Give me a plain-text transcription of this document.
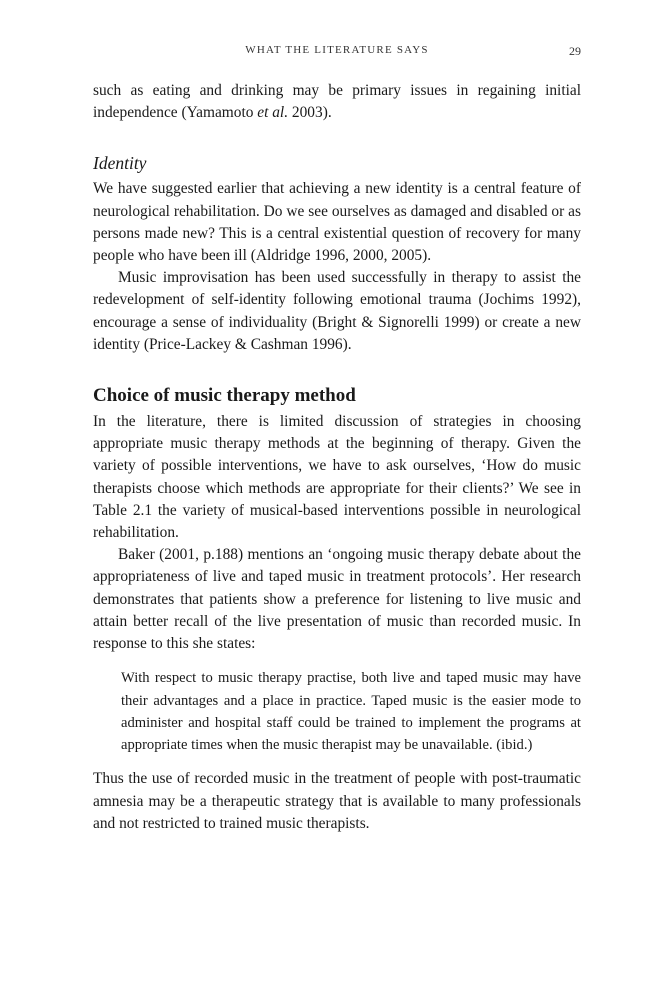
WHAT THE LITERATURE SAYS	29

such as eating and drinking may be primary issues in regaining initial independence (Yamamoto et al. 2003).

Identity

We have suggested earlier that achieving a new identity is a central feature of neurological rehabilitation. Do we see ourselves as damaged and disabled or as persons made new? This is a central existential question of recovery for many people who have been ill (Aldridge 1996, 2000, 2005).

Music improvisation has been used successfully in therapy to assist the redevelopment of self-identity following emotional trauma (Jochims 1992), encourage a sense of individuality (Bright & Signorelli 1999) or create a new identity (Price-Lackey & Cashman 1996).

Choice of music therapy method

In the literature, there is limited discussion of strategies in choosing appropriate music therapy methods at the beginning of therapy. Given the variety of possible interventions, we have to ask ourselves, ‘How do music therapists choose which methods are appropriate for their clients?’ We see in Table 2.1 the variety of musical-based interventions possible in neurological rehabilitation.

Baker (2001, p.188) mentions an ‘ongoing music therapy debate about the appropriateness of live and taped music in treatment protocols’. Her research demonstrates that patients show a preference for listening to live music and attain better recall of the live presentation of music than recorded music. In response to this she states:

With respect to music therapy practise, both live and taped music may have their advantages and a place in practice. Taped music is the easier mode to administer and hospital staff could be trained to implement the programs at appropriate times when the music therapist may be unavailable. (ibid.)

Thus the use of recorded music in the treatment of people with post-traumatic amnesia may be a therapeutic strategy that is available to many professionals and not restricted to trained music therapists.
